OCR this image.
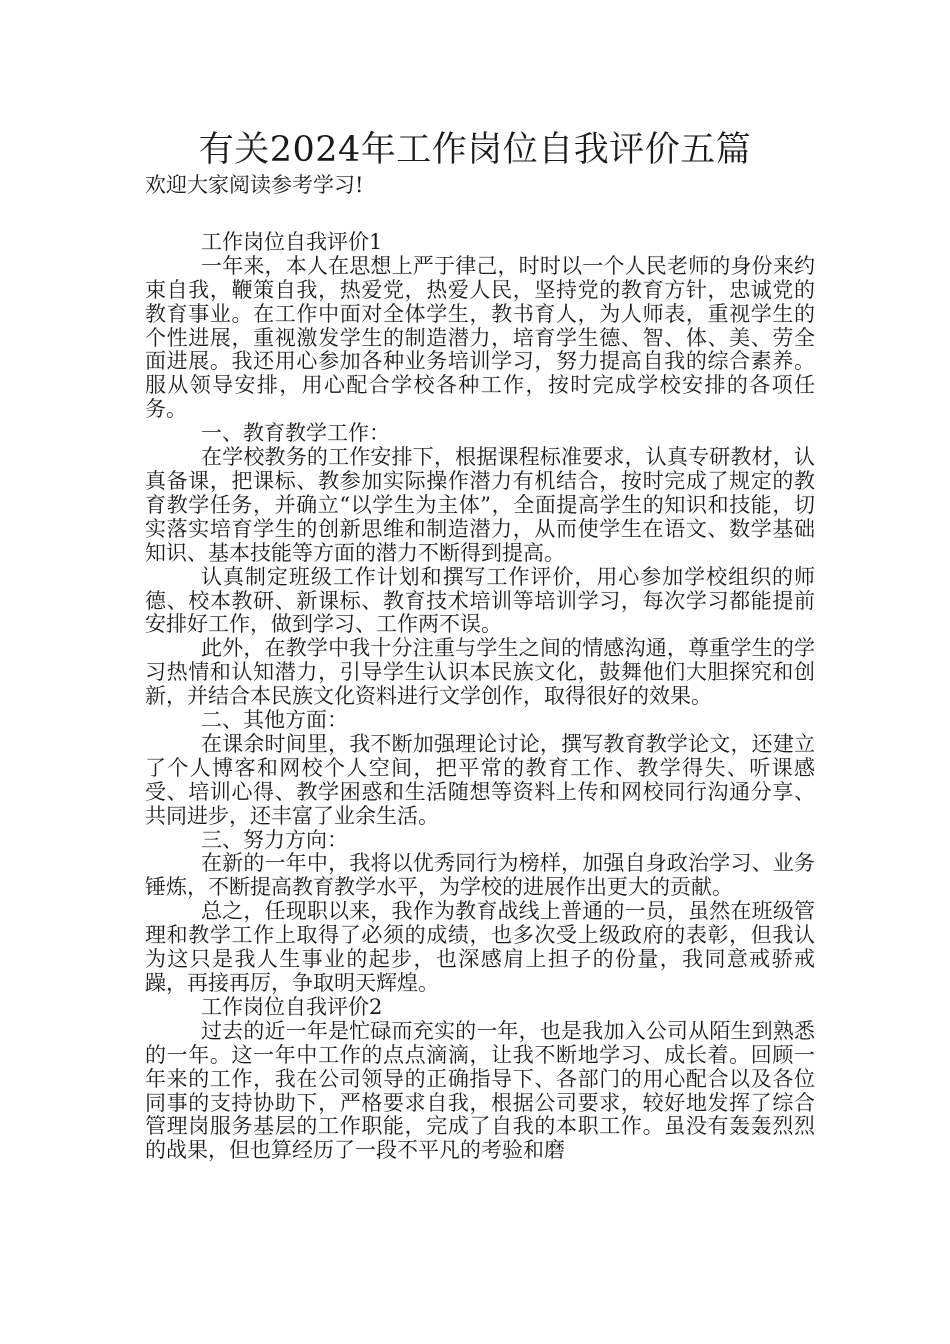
有关2024年工作岗位自我评价五篇

欢迎大家阅读参考学习!

工作岗位自我评价1

一年来，本人在思想上严于律己，时时以一个人民老师的身份来约束自我，鞭策自我，热爱党，热爱人民，坚持党的教育方针，忠诚党的教育事业。在工作中面对全体学生，教书育人，为人师表，重视学生的个性进展，重视激发学生的制造潜力，培育学生德、智、体、美、劳全面进展。我还用心参加各种业务培训学习，努力提高自我的综合素养。服从领导安排，用心配合学校各种工作，按时完成学校安排的各项任务。

一、教育教学工作：

在学校教务的工作安排下，根据课程标准要求，认真专研教材，认真备课，把课标、教参加实际操作潜力有机结合，按时完成了规定的教育教学任务，并确立“以学生为主体”，全面提高学生的知识和技能，切实落实培育学生的创新思维和制造潜力，从而使学生在语文、数学基础知识、基本技能等方面的潜力不断得到提高。

认真制定班级工作计划和撰写工作评价，用心参加学校组织的师德、校本教研、新课标、教育技术培训等培训学习，每次学习都能提前安排好工作，做到学习、工作两不误。

此外，在教学中我十分注重与学生之间的情感沟通，尊重学生的学习热情和认知潜力，引导学生认识本民族文化，鼓舞他们大胆探究和创新，并结合本民族文化资料进行文学创作，取得很好的效果。

二、其他方面：

在课余时间里，我不断加强理论讨论，撰写教育教学论文，还建立了个人博客和网校个人空间，把平常的教育工作、教学得失、听课感受、培训心得、教学困惑和生活随想等资料上传和网校同行沟通分享、共同进步，还丰富了业余生活。

三、努力方向：

在新的一年中，我将以优秀同行为榜样，加强自身政治学习、业务锤炼，不断提高教育教学水平，为学校的进展作出更大的贡献。

总之，任现职以来，我作为教育战线上普通的一员，虽然在班级管理和教学工作上取得了必须的成绩，也多次受上级政府的表彰，但我认为这只是我人生事业的起步，也深感肩上担子的份量，我同意戒骄戒躁，再接再厉，争取明天辉煌。

工作岗位自我评价2

过去的近一年是忙碌而充实的一年，也是我加入公司从陌生到熟悉的一年。这一年中工作的点点滴滴，让我不断地学习、成长着。回顾一年来的工作，我在公司领导的正确指导下、各部门的用心配合以及各位同事的支持协助下，严格要求自我，根据公司要求，较好地发挥了综合管理岗服务基层的工作职能，完成了自我的本职工作。虽没有轰轰烈烈的战果，但也算经历了一段不平凡的考验和磨
